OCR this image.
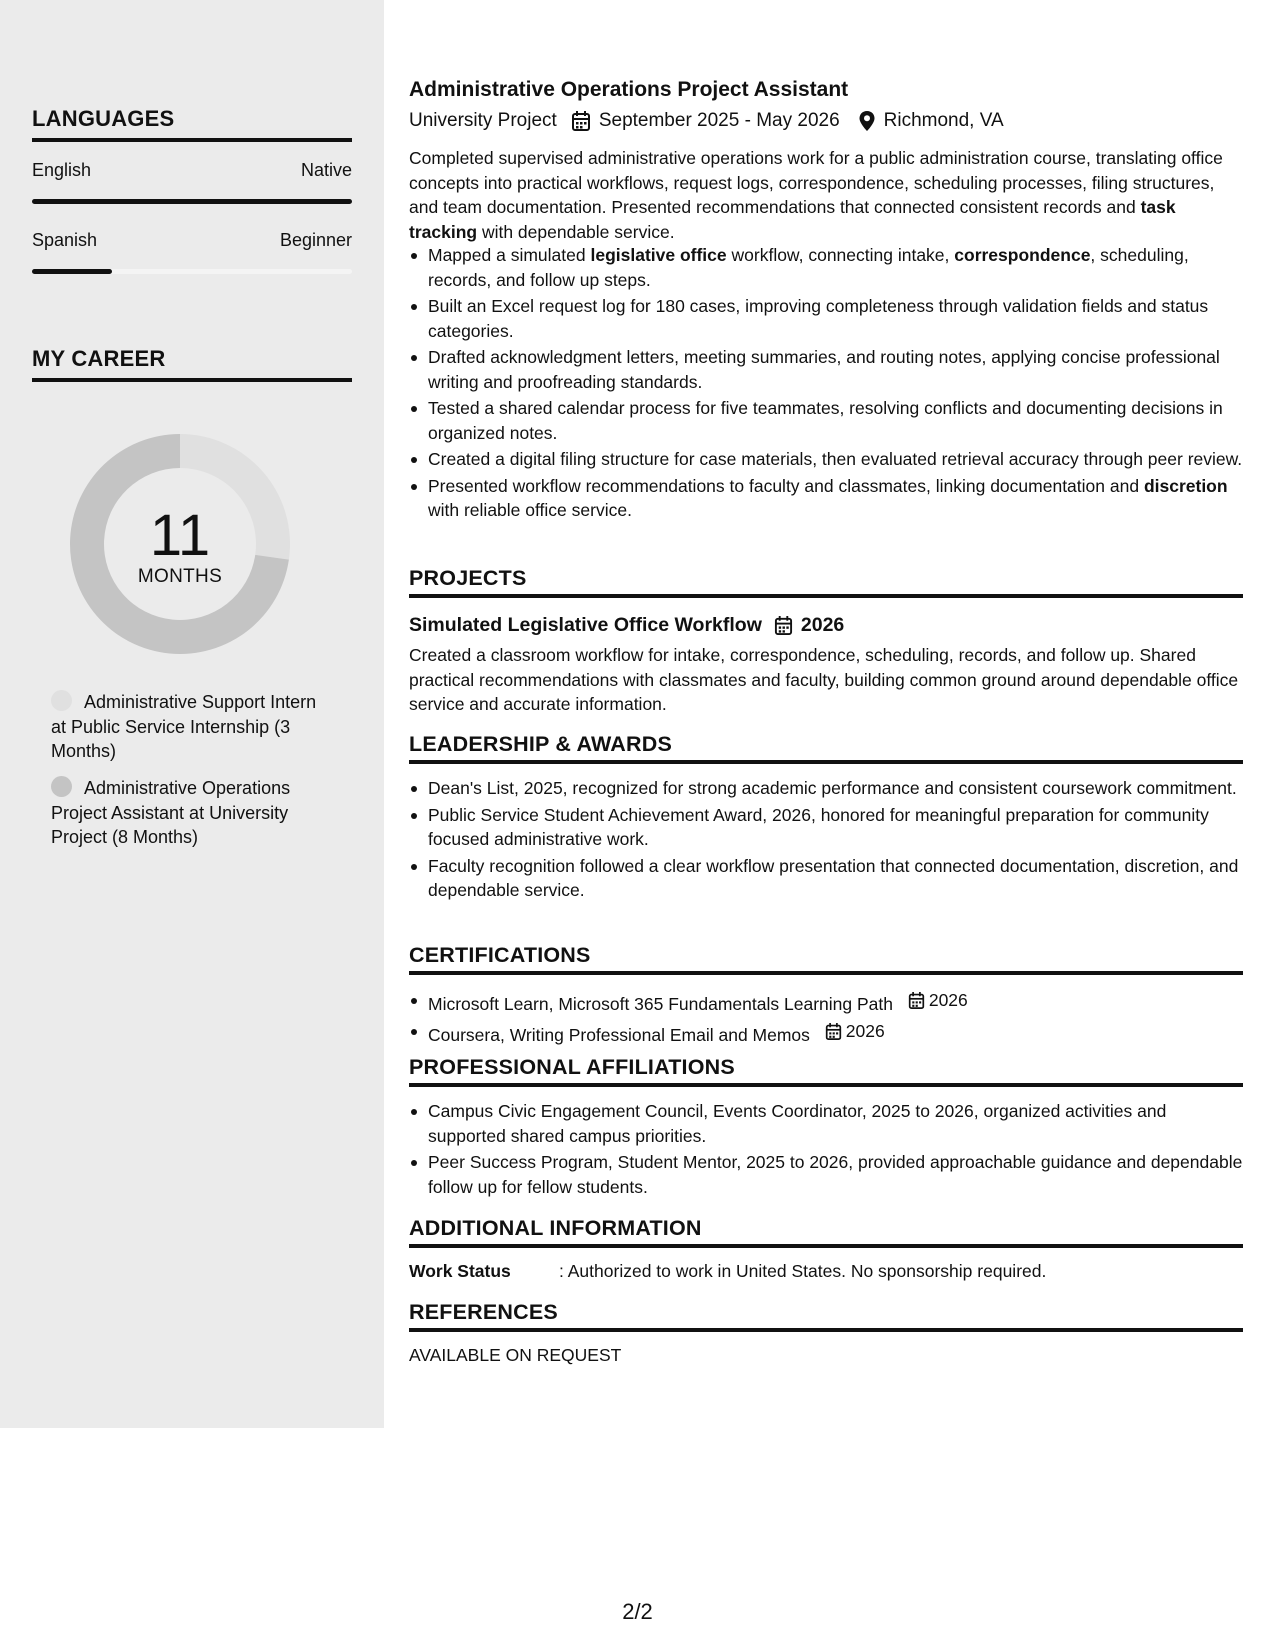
LANGUAGES
English	Native
Spanish	Beginner
MY CAREER
11
MONTHS
Administrative Support Intern at Public Service Internship (3 Months)
Administrative Operations Project Assistant at University Project (8 Months)
Administrative Operations Project Assistant
University Project September 2025 - May 2026 Richmond, VA
Completed supervised administrative operations work for a public administration course, translating office concepts into practical workflows, request logs, correspondence, scheduling processes, filing structures, and team documentation. Presented recommendations that connected consistent records and task tracking with dependable service.
Mapped a simulated legislative office workflow, connecting intake, correspondence, scheduling, records, and follow up steps.
Built an Excel request log for 180 cases, improving completeness through validation fields and status categories.
Drafted acknowledgment letters, meeting summaries, and routing notes, applying concise professional writing and proofreading standards.
Tested a shared calendar process for five teammates, resolving conflicts and documenting decisions in organized notes.
Created a digital filing structure for case materials, then evaluated retrieval accuracy through peer review.
Presented workflow recommendations to faculty and classmates, linking documentation and discretion with reliable office service.
PROJECTS
Simulated Legislative Office Workflow 2026
Created a classroom workflow for intake, correspondence, scheduling, records, and follow up. Shared practical recommendations with classmates and faculty, building common ground around dependable office service and accurate information.
LEADERSHIP & AWARDS
Dean's List, 2025, recognized for strong academic performance and consistent coursework commitment.
Public Service Student Achievement Award, 2026, honored for meaningful preparation for community focused administrative work.
Faculty recognition followed a clear workflow presentation that connected documentation, discretion, and dependable service.
CERTIFICATIONS
Microsoft Learn, Microsoft 365 Fundamentals Learning Path 2026
Coursera, Writing Professional Email and Memos 2026
PROFESSIONAL AFFILIATIONS
Campus Civic Engagement Council, Events Coordinator, 2025 to 2026, organized activities and supported shared campus priorities.
Peer Success Program, Student Mentor, 2025 to 2026, provided approachable guidance and dependable follow up for fellow students.
ADDITIONAL INFORMATION
Work Status	: Authorized to work in United States. No sponsorship required.
REFERENCES
AVAILABLE ON REQUEST
2/2
